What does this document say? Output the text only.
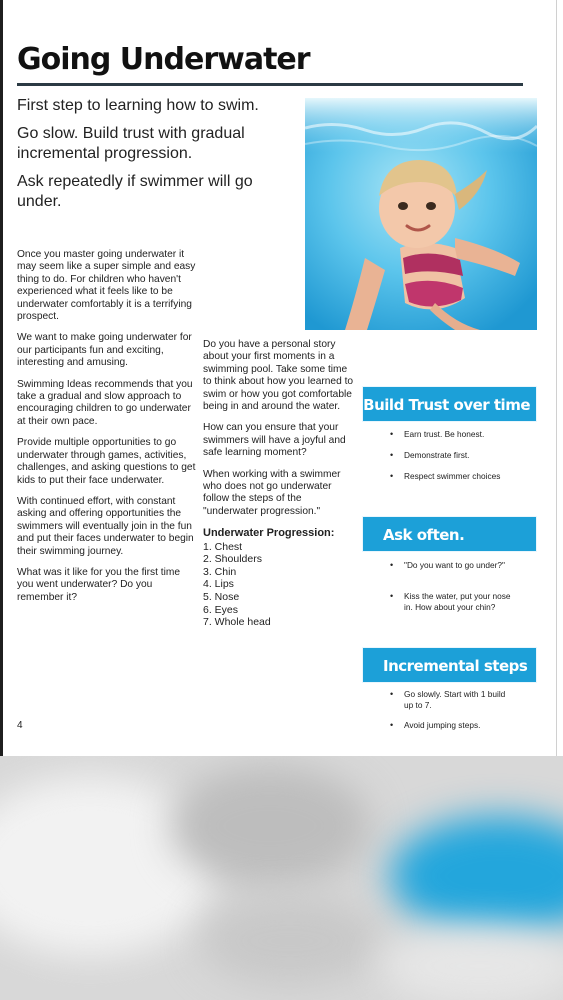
Going Underwater

First step to learning how to swim.

Go slow. Build trust with gradual incremental progression.

Ask repeatedly if swimmer will go under.

Once you master going underwater it may seem like a super simple and easy thing to do. For children who haven't experienced what it feels like to be underwater comfortably it is a terrifying prospect.

We want to make going underwater for our participants fun and exciting, interesting and amusing.

Swimming Ideas recommends that you take a gradual and slow approach to encouraging children to go underwater at their own pace.

Provide multiple opportunities to go underwater through games, activities, challenges, and asking questions to get kids to put their face underwater.

With continued effort, with constant asking and offering opportunities the swimmers will eventually join in the fun and put their faces underwater to begin their swimming journey.

What was it like for you the first time you went underwater? Do you remember it?

Do you have a personal story about your first moments in a swimming pool. Take some time to think about how you learned to swim or how you got comfortable being in and around the water.

How can you ensure that your swimmers will have a joyful and safe learning moment?

When working with a swimmer who does not go underwater follow the steps of the "underwater progression."

Underwater Progression:
1. Chest
2. Shoulders
3. Chin
4. Lips
5. Nose
6. Eyes
7. Whole head
4
Build Trust over time
• Earn trust. Be honest.
• Demonstrate first.
• Respect swimmer choices
Ask often.
• "Do you want to go under?"
• Kiss the water, put your nose in. How about your chin?
Incremental steps
• Go slowly. Start with 1 build up to 7.
• Avoid jumping steps.
